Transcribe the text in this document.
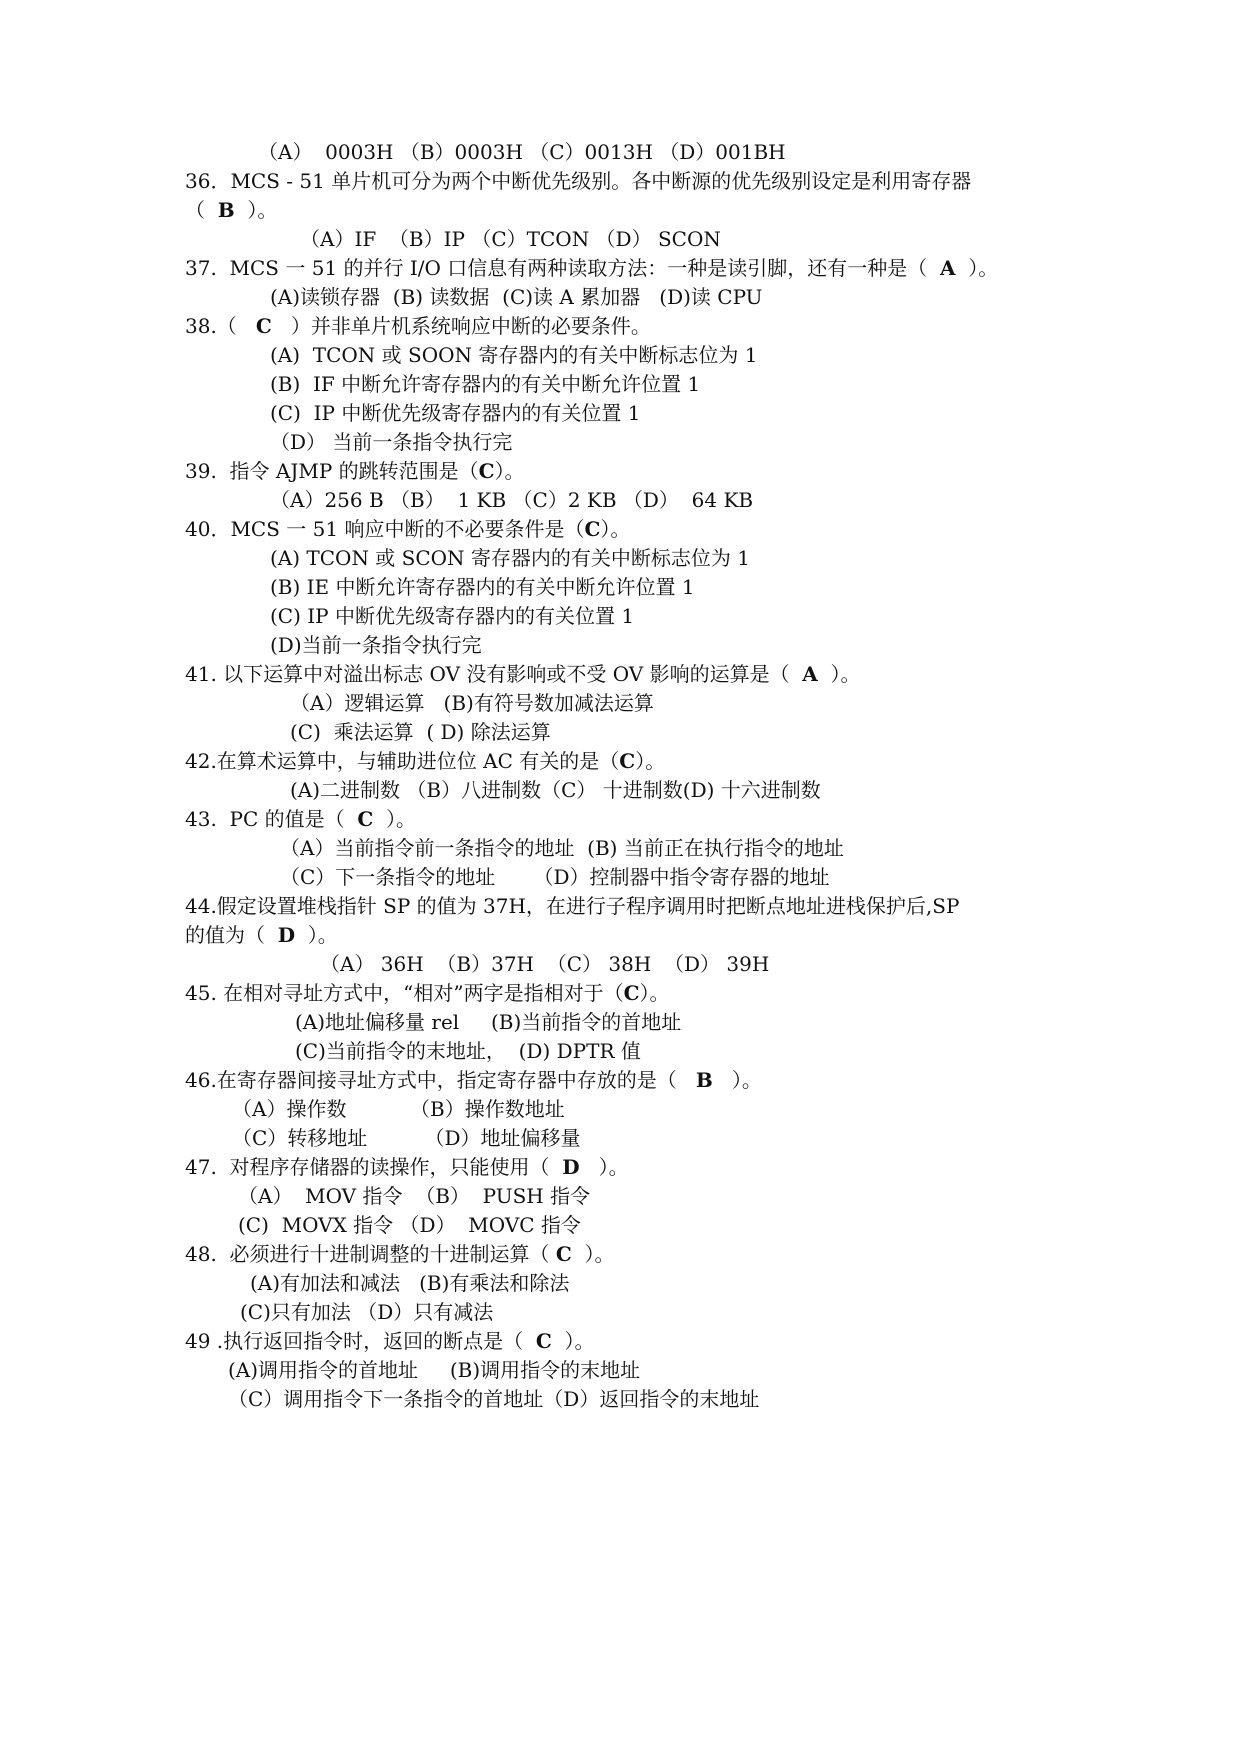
（A）  0003H （B）0003H （C）0013H （D）001BH
36．MCS - 51 单片机可分为两个中断优先级别。各中断源的优先级别设定是利用寄存器
（  B  ）。
（A）IF  （B）IP （C）TCON （D） SCON
37.  MCS 一 51 的并行 I/O 口信息有两种读取方法：一种是读引脚，还有一种是（  A  ）。
(A)读锁存器  (B) 读数据  (C)读 A 累加器   (D)读 CPU
38.（   C   ）并非单片机系统响应中断的必要条件。
(A)  TCON 或 SOON 寄存器内的有关中断标志位为 1
(B)  IF 中断允许寄存器内的有关中断允许位置 1
(C)  IP 中断优先级寄存器内的有关位置 1
（D） 当前一条指令执行完
39.  指令 AJMP 的跳转范围是（C）。
（A）256 B （B）  1 KB （C）2 KB （D）  64 KB
40．MCS 一 51 响应中断的不必要条件是（C）。
(A) TCON 或 SCON 寄存器内的有关中断标志位为 1
(B) IE 中断允许寄存器内的有关中断允许位置 1
(C) IP 中断优先级寄存器内的有关位置 1
(D)当前一条指令执行完
41. 以下运算中对溢出标志 OV 没有影响或不受 OV 影响的运算是（  A  ）。
（A）逻辑运算   (B)有符号数加减法运算
(C)  乘法运算  ( D) 除法运算
42.在算术运算中，与辅助进位位 AC 有关的是（C）。
(A)二进制数 （B）八进制数（C） 十进制数(D) 十六进制数
43.  PC 的值是（  C  ）。
（A）当前指令前一条指令的地址  (B) 当前正在执行指令的地址
（C）下一条指令的地址      （D）控制器中指令寄存器的地址
44.假定设置堆栈指针 SP 的值为 37H，在进行子程序调用时把断点地址进栈保护后,SP
的值为（  D  ）。
（A） 36H  （B）37H  （C） 38H  （D） 39H
45. 在相对寻址方式中，“相对”两字是指相对于（C）。
(A)地址偏移量 rel     (B)当前指令的首地址
(C)当前指令的末地址，  (D) DPTR 值
46.在寄存器间接寻址方式中，指定寄存器中存放的是（   B   ）。
（A）操作数          （B）操作数地址
（C）转移地址         （D）地址偏移量
47.  对程序存储器的读操作，只能使用（  D   ）。
（A）  MOV 指令  （B）  PUSH 指令
(C)  MOVX 指令 （D）  MOVC 指令
48.  必须进行十进制调整的十进制运算（ C  ）。
(A)有加法和减法   (B)有乘法和除法
(C)只有加法 （D）只有减法
49 .执行返回指令时，返回的断点是（  C  ）。
(A)调用指令的首地址     (B)调用指令的末地址
（C）调用指令下一条指令的首地址（D）返回指令的末地址
